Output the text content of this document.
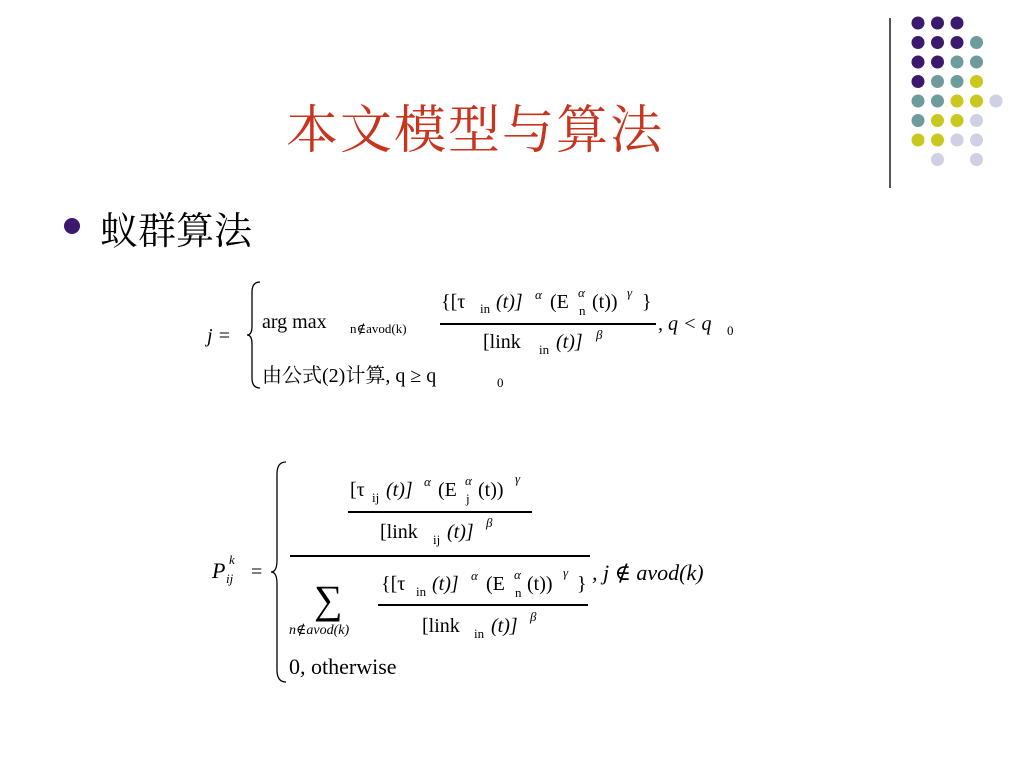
本文模型与算法
蚁群算法
j =
arg max n∉avod(k)
{[τ in (t)] α (E α
n (t)) γ }
[link in (t)] β	, q < q 0
由公式(2)计算, q ≥ q	0
P k
ij =
[τ ij (t)] α (E α
j (t))
γ
[link ij (t)] β
∑
n∉avod(k)
{[τ in (t)] α (E α
n (t))
γ
}
[link in (t)] β
, j ∉ avod(k)
0, otherwise
